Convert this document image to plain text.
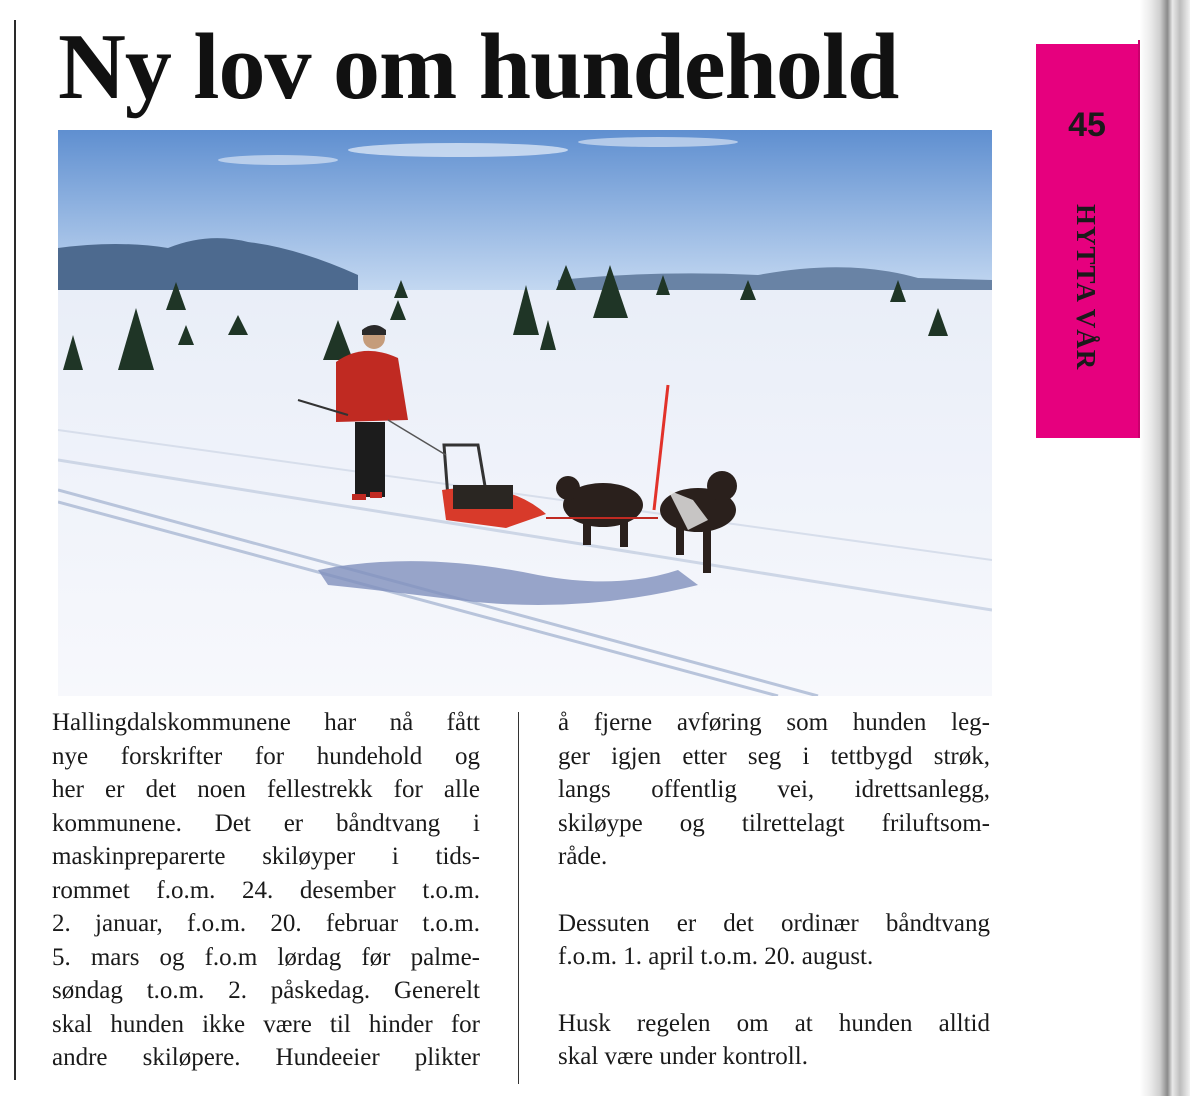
Ny lov om hundehold
Hallingdalskommunene har nå fått
nye forskrifter for hundehold og
her er det noen fellestrekk for alle
kommunene. Det er båndtvang i
maskinpreparerte skiløyper i tids-
rommet f.o.m. 24. desember t.o.m.
2. januar, f.o.m. 20. februar t.o.m.
5. mars og f.o.m lørdag før palme-
søndag t.o.m. 2. påskedag. Generelt
skal hunden ikke være til hinder for
andre skiløpere. Hundeeier plikter
å fjerne avføring som hunden leg-
ger igjen etter seg i tettbygd strøk,
langs offentlig vei, idrettsanlegg,
skiløype og tilrettelagt friluftsom-
råde.
Dessuten er det ordinær båndtvang
f.o.m. 1. april t.o.m. 20. august.
Husk regelen om at hunden alltid
skal være under kontroll.
45
HYTTA VÅR
